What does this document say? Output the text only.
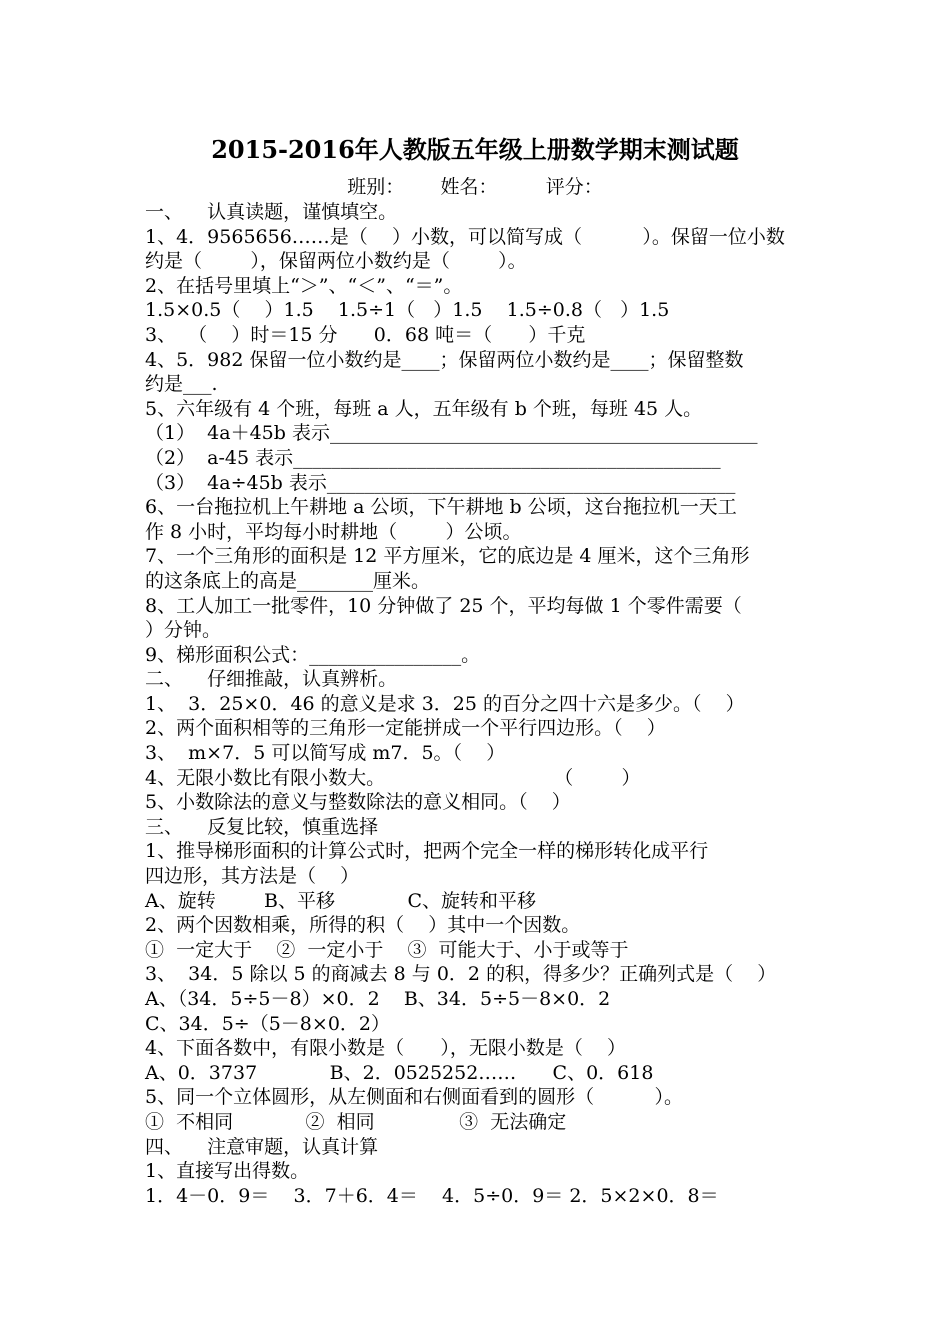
2015-2016年人教版五年级上册数学期末测试题
班别：      姓名：        评分：
一、    认真读题，谨慎填空。
1、4．9565656……是（    ）小数，可以简写成（          ）。保留一位小数
约是（        ），保留两位小数约是（        ）。
2、在括号里填上“＞”、“＜”、“＝”。
1.5×0.5（    ）1.5    1.5÷1（   ）1.5    1.5÷0.8（   ）1.5
3、  （    ）时＝15 分      0．68 吨＝（      ）千克
4、5．982 保留一位小数约是____；保留两位小数约是____；保留整数
约是___.
5、六年级有 4 个班，每班 a 人，五年级有 b 个班，每班 45 人。
（1）  4a＋45b 表示_____________________________________________
（2）  a-45 表示_____________________________________________
（3）  4a÷45b 表示___________________________________________
6、一台拖拉机上午耕地 a 公顷，下午耕地 b 公顷，这台拖拉机一天工
作 8 小时，平均每小时耕地（        ）公顷。
7、一个三角形的面积是 12 平方厘米，它的底边是 4 厘米，这个三角形
的这条底上的高是________厘米。
8、工人加工一批零件，10 分钟做了 25 个，平均每做 1 个零件需要（
）分钟。
9、梯形面积公式：________________。
二、    仔细推敲，认真辨析。
1、  3．25×0．46 的意义是求 3．25 的百分之四十六是多少。（    ）
2、两个面积相等的三角形一定能拼成一个平行四边形。（    ）
3、  m×7．5 可以简写成 m7．5。（    ）
4、无限小数比有限小数大。                            （        ）
5、小数除法的意义与整数除法的意义相同。（    ）
三、    反复比较，慎重选择
1、推导梯形面积的计算公式时，把两个完全一样的梯形转化成平行
四边形，其方法是（    ）
A、旋转        B、平移            C、旋转和平移
2、两个因数相乘，所得的积（    ）其中一个因数。
①  一定大于    ②  一定小于    ③  可能大于、小于或等于
3、  34．5 除以 5 的商减去 8 与 0．2 的积，得多少？正确列式是（    ）
A、（34．5÷5－8）×0．2    B、34．5÷5－8×0．2
C、34．5÷（5－8×0．2）
4、下面各数中，有限小数是（      ），无限小数是（    ）
A、0．3737            B、2．0525252……      C、0．618
5、同一个立体圆形，从左侧面和右侧面看到的圆形（          ）。
①  不相同            ②  相同              ③  无法确定
四、    注意审题，认真计算
1、直接写出得数。
1．4－0．9＝    3．7＋6．4＝    4．5÷0．9＝ 2．5×2×0．8＝
